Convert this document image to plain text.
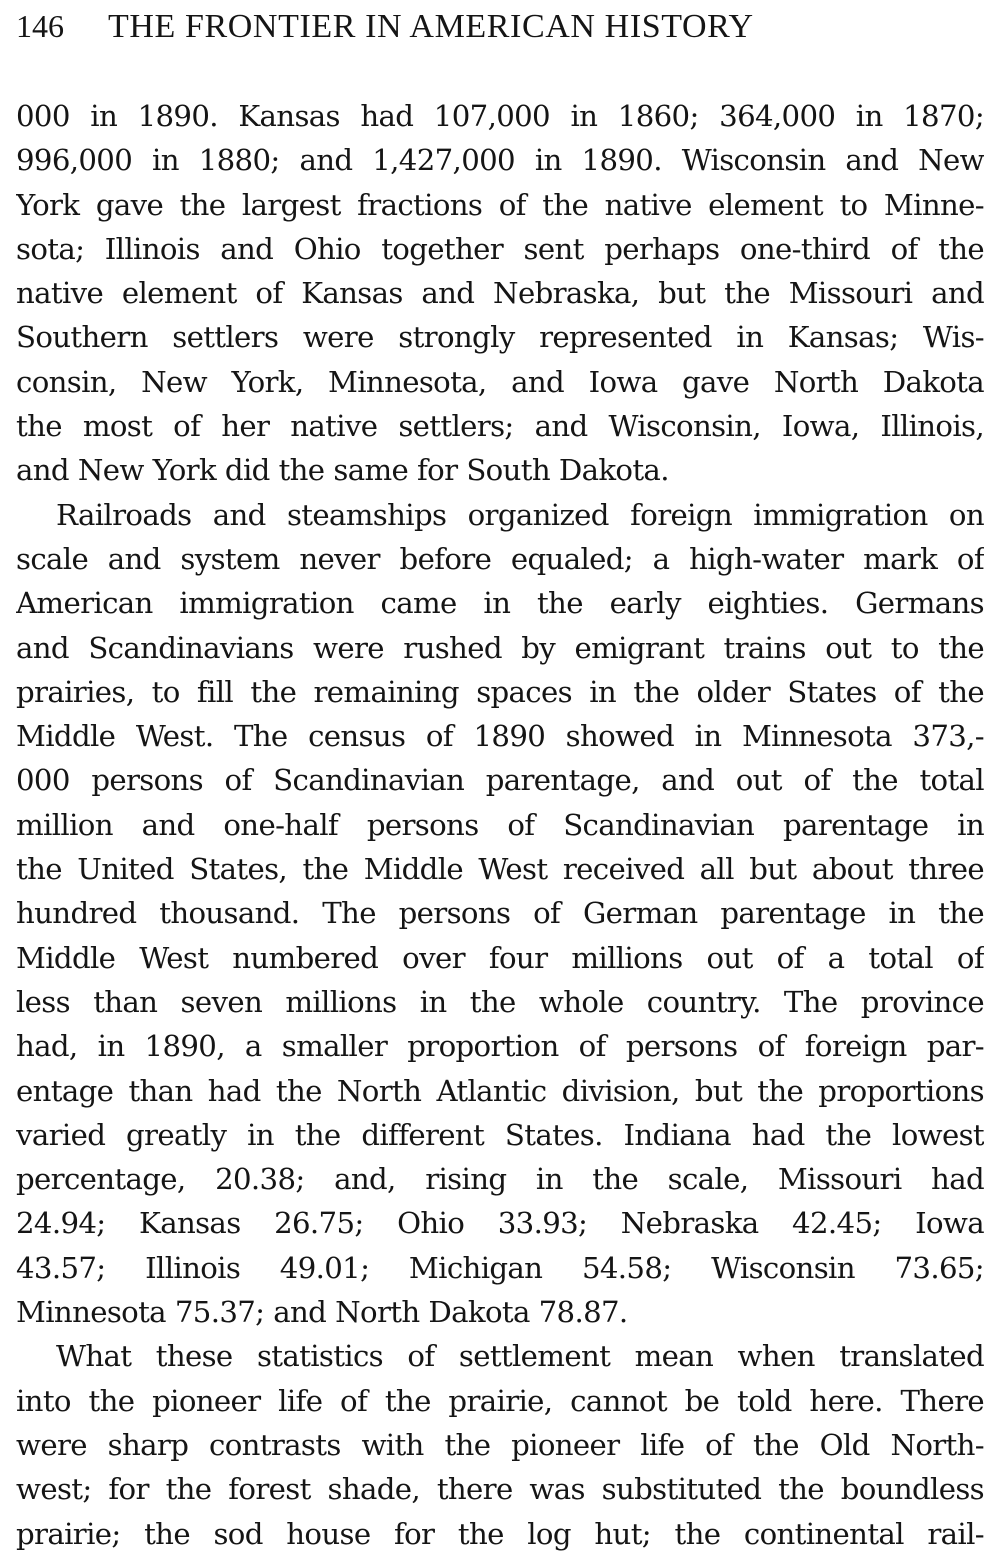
146	THE FRONTIER IN AMERICAN HISTORY

000 in 1890. Kansas had 107,000 in 1860; 364,000 in 1870;
996,000 in 1880; and 1,427,000 in 1890. Wisconsin and New
York gave the largest fractions of the native element to Minne-
sota; Illinois and Ohio together sent perhaps one-third of the
native element of Kansas and Nebraska, but the Missouri and
Southern settlers were strongly represented in Kansas; Wis-
consin, New York, Minnesota, and Iowa gave North Dakota
the most of her native settlers; and Wisconsin, Iowa, Illinois,
and New York did the same for South Dakota.

Railroads and steamships organized foreign immigration on
scale and system never before equaled; a high-water mark of
American immigration came in the early eighties. Germans
and Scandinavians were rushed by emigrant trains out to the
prairies, to fill the remaining spaces in the older States of the
Middle West. The census of 1890 showed in Minnesota 373,-
000 persons of Scandinavian parentage, and out of the total
million and one-half persons of Scandinavian parentage in
the United States, the Middle West received all but about three
hundred thousand. The persons of German parentage in the
Middle West numbered over four millions out of a total of
less than seven millions in the whole country. The province
had, in 1890, a smaller proportion of persons of foreign par-
entage than had the North Atlantic division, but the proportions
varied greatly in the different States. Indiana had the lowest
percentage, 20.38; and, rising in the scale, Missouri had
24.94; Kansas 26.75; Ohio 33.93; Nebraska 42.45; Iowa
43.57; Illinois 49.01; Michigan 54.58; Wisconsin 73.65;
Minnesota 75.37; and North Dakota 78.87.

What these statistics of settlement mean when translated
into the pioneer life of the prairie, cannot be told here. There
were sharp contrasts with the pioneer life of the Old North-
west; for the forest shade, there was substituted the boundless
prairie; the sod house for the log hut; the continental rail-
